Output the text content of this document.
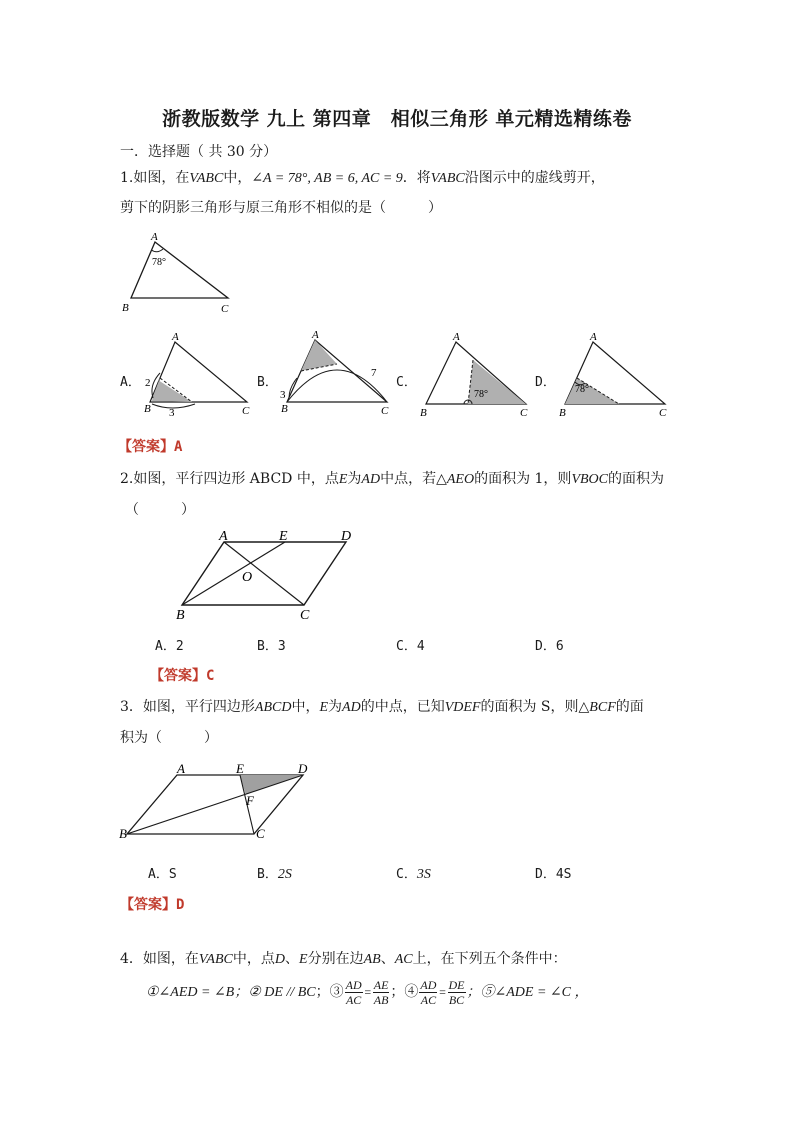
浙教版数学 九上 第四章　相似三角形 单元精选精练卷
一．选择题（ 共 30 分）
1.如图，在VABC中，∠A = 78°, AB = 6, AC = 9．将VABC沿图示中的虚线剪开，
剪下的阴影三角形与原三角形不相似的是（　　　）
A
B	C
78°
A．
A
B	C
2
3
B．
A
B	C
3
7
C．
A
B	C
78°
D．
A
B	C
78°
【答案】A
2.如图，平行四边形 ABCD 中，点E为AD中点，若△AEO的面积为 1，则VBOC的面积为
（　　　）
A	E	D
O
B	C
A．2	B．3	C．4	D．6
【答案】C
3．如图，平行四边形ABCD中，E为AD的中点，已知VDEF的面积为 S，则△BCF的面
积为（　　　）
A	E	D
F
B	C
A．S	B．2S	C．3S	D．4S
【答案】D
4．如图，在VABC中，点D、E分别在边AB、AC上，在下列五个条件中：
①∠AED = ∠B；② DE // BC；③ $\frac{AD}{AC} = \frac{AE}{AB}$ ；④ $\frac{AD}{AC} = \frac{DE}{BC}$ ；⑤∠ADE = ∠C ，
